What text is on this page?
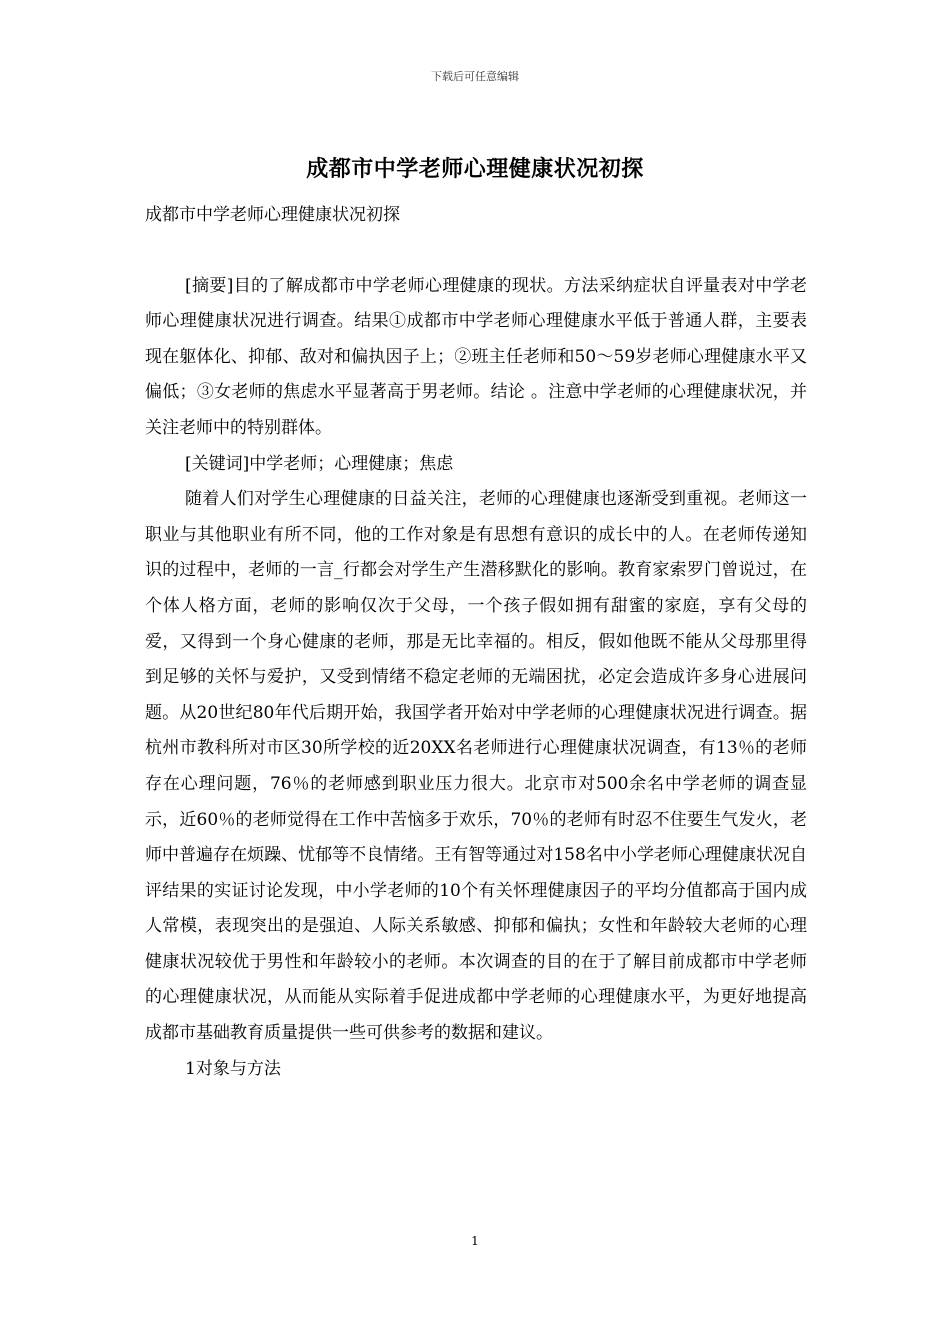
下载后可任意编辑
成都市中学老师心理健康状况初探

成都市中学老师心理健康状况初探

[摘要]目的了解成都市中学老师心理健康的现状。方法采纳症状自评量表对中学老师心理健康状况进行调查。结果①成都市中学老师心理健康水平低于普通人群，主要表现在躯体化、抑郁、敌对和偏执因子上；②班主任老师和50～59岁老师心理健康水平又偏低；③女老师的焦虑水平显著高于男老师。结论 。注意中学老师的心理健康状况，并关注老师中的特别群体。

[关键词]中学老师；心理健康；焦虑

随着人们对学生心理健康的日益关注，老师的心理健康也逐渐受到重视。老师这一职业与其他职业有所不同，他的工作对象是有思想有意识的成长中的人。在老师传递知识的过程中，老师的一言_行都会对学生产生潜移默化的影响。教育家索罗门曾说过，在个体人格方面，老师的影响仅次于父母，一个孩子假如拥有甜蜜的家庭，享有父母的爱，又得到一个身心健康的老师，那是无比幸福的。相反，假如他既不能从父母那里得到足够的关怀与爱护，又受到情绪不稳定老师的无端困扰，必定会造成许多身心进展问题。从20世纪80年代后期开始，我国学者开始对中学老师的心理健康状况进行调查。据杭州市教科所对市区30所学校的近20XX名老师进行心理健康状况调查，有13％的老师存在心理问题，76％的老师感到职业压力很大。北京市对500余名中学老师的调查显示，近60％的老师觉得在工作中苦恼多于欢乐，70％的老师有时忍不住要生气发火，老师中普遍存在烦躁、忧郁等不良情绪。王有智等通过对158名中小学老师心理健康状况自评结果的实证讨论发现，中小学老师的10个有关怀理健康因子的平均分值都高于国内成人常模，表现突出的是强迫、人际关系敏感、抑郁和偏执；女性和年龄较大老师的心理健康状况较优于男性和年龄较小的老师。本次调查的目的在于了解目前成都市中学老师的心理健康状况，从而能从实际着手促进成都中学老师的心理健康水平，为更好地提高成都市基础教育质量提供一些可供参考的数据和建议。

1对象与方法

1
